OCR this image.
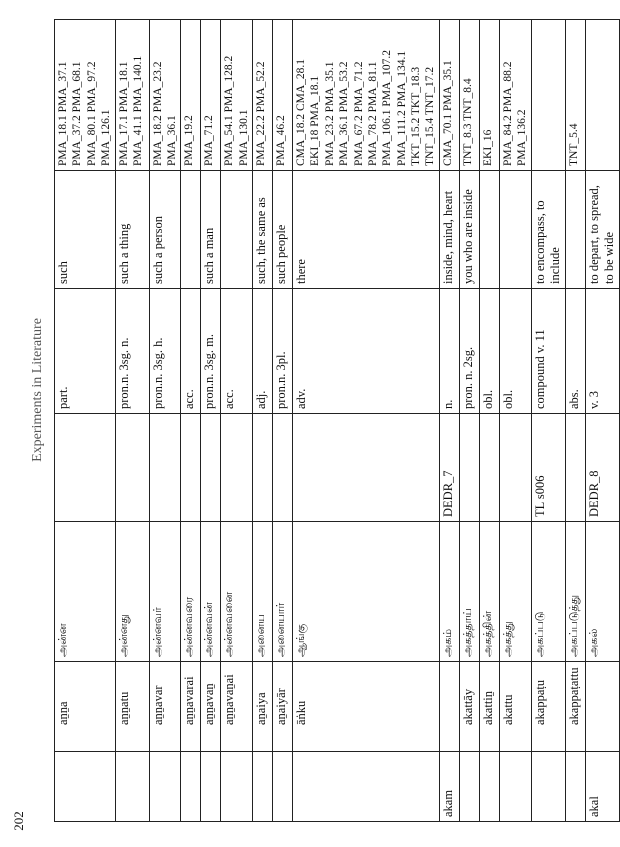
202
Experiments in Literature
	aṉṉa	அன்ன		part.	such	PMA_18.1 PMA_37.1 PMA_37.2 PMA_68.1 PMA_80.1 PMA_97.2 PMA_126.1
	aṉṉatu	அன்னது		pron.n. 3sg. n.	such a thing	PMA_17.1 PMA_18.1 PMA_41.1 PMA_140.1
	aṉṉavar	அன்னவர்		pron.n. 3sg. h.	such a person	PMA_18.2 PMA_23.2 PMA_36.1
	aṉṉavarai	அன்னவரை		acc.		PMA_19.2
	aṉṉavaṉ	அன்னவன்		pron.n. 3sg. m.	such a man	PMA_71.2
	aṉṉavaṉai	அன்னவனை		acc.		PMA_54.1 PMA_128.2 PMA_130.1
	aṉaiya	அனைய		adj.	such, the same as	PMA_22.2 PMA_52.2
	aṉaiyār	அனையார்		pron.n. 3pl.	such people	PMA_46.2
	āṅku	ஆங்கு		adv.	there	CMA_18.2 CMA_28.1 EKI_18 PMA_18.1 PMA_23.2 PMA_35.1 PMA_36.1 PMA_53.2 PMA_67.2 PMA_71.2 PMA_78.2 PMA_81.1 PMA_106.1 PMA_107.2 PMA_111.2 PMA_134.1 TKT_15.2 TKT_18.3 TNT_15.4 TNT_17.2
akam		அகம்	DEDR_7	n.	inside, mind, heart	CMA_70.1 PMA_35.1
	akattāy	அகத்தாய்		pron. n. 2sg.	you who are inside	TNT_8.3 TNT_8.4
	akattiṉ	அகத்தின்		obl.		EKI_16
	akattu	அகத்து		obl.		PMA_84.2 PMA_88.2 PMA_136.2
	akappaṭu	அகப்படு	TL s006	compound v. 11	to encompass, to include	
	akappaṭattu	அகப்படுத்து		abs.		TNT_5.4
akal		அகல்	DEDR_8	v. 3	to depart, to spread, to be wide	
